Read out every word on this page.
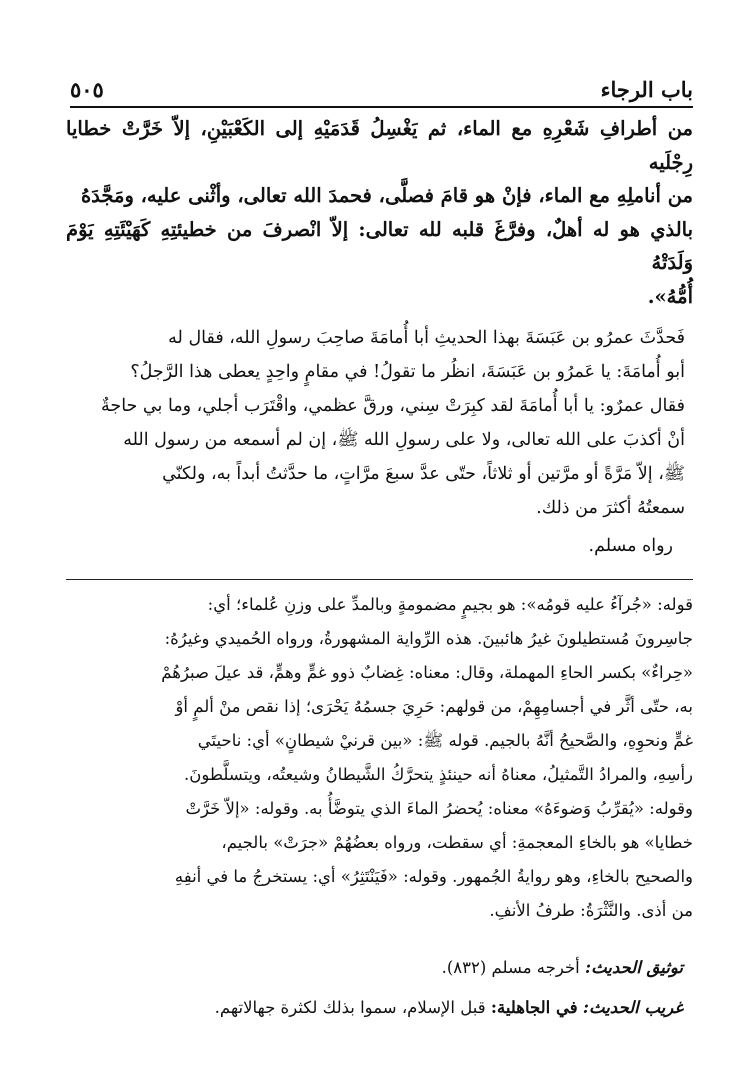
باب الرجاء
٥٠٥

من أطرافِ شَعْرِهِ مع الماء، ثم يَغْسِلُ قَدَمَيْهِ إلى الكَعْبَيْنِ، إلاّ خَرَّتْ خطايا رِجْلَيه

من أناملِهِ مع الماء، فإنْ هو قامَ فصلَّى، فحمدَ الله تعالى، وأثْنى عليه، ومَجَّدَهُ

بالذي هو له أهلٌ، وفرَّغَ قلبه لله تعالى: إلاّ انْصرفَ من خطيئتِهِ كَهَيْئَتِهِ يَوْمَ وَلَدَتْهُ

أُمُّهُ».

فَحدَّثَ عمرُو بن عَبَسَةَ بهذا الحديثِ أبا أُمامَةَ صاحِبَ رسولِ الله، فقال له

أبو أُمامَةَ: يا عَمرُو بن عَبَسَةَ، انظُر ما تقولُ! في مقامٍ واحِدٍ يعطى هذا الرَّجلُ؟

فقال عمرٌو: يا أبا أُمامَةَ لقد كبِرَتْ سِني، ورقَّ عظمي، واقْتَرَب أجلي، وما بي حاجةٌ

أنْ أكذبَ على الله تعالى، ولا على رسولِ الله ﷺ، إن لم أسمعه من رسول الله

ﷺ، إلاّ مَرَّةً أو مرَّتين أو ثلاثاً، حتّى عدَّ سبعَ مرَّاتٍ، ما حدَّثتُ أبداً به، ولكنّي

سمعتُهُ أكثرَ من ذلك.

رواه مسلم.

قوله: «جُرآءُ عليه قومُه»: هو بجيمٍ مضمومةٍ وبالمدِّ على وزنِ عُلماء؛ أي:

جاسِرونَ مُستطيلونَ غيرُ هائبينَ. هذه الرِّواية المشهورةُ، ورواه الحُميدي وغيرُهُ:

«حِراءٌ» بكسر الحاءِ المهملة، وقال: معناه: غِضابٌ ذوو غمٍّ وهمٍّ، قد عيلَ صبرُهُمْ

به، حتّى أثَّر في أجسامِهِمْ، من قولهم: حَرِيَ جسمُهُ يَحْرَى؛ إذا نقص منْ ألمٍ أوْ

غمٍّ ونحوِهِ، والصَّحيحُ أنَّهُ بالجيم. قوله ﷺ: «بين قرنيْ شيطانٍ» أي: ناحيتَي

رأسِهِ، والمرادُ التَّمثيلُ، معناهُ أنه حينئذٍ يتحرَّكُ الشَّيطانُ وشيعتُه، ويتسلَّطونَ.

وقوله: «يُقرِّبُ وَضوءَهُ» معناه: يُحضرُ الماءَ الذي يتوضَّأُ به. وقوله: «إلاّ خَرَّتْ

خطايا» هو بالخاءِ المعجمةِ: أي سقطت، ورواه بعضُهُمْ «جرَتْ» بالجيم،

والصحيح بالخاءِ، وهو روايةُ الجُمهور. وقوله: «فَيَنْتَثِرُ» أي: يستخرجُ ما في أنفِهِ

من أذى. والنَّثْرَةُ: طرفُ الأنفِ.

توثيق الحديث: أخرجه مسلم (٨٣٢).

غريب الحديث: في الجاهلية: قبل الإسلام، سموا بذلك لكثرة جهالاتهم.
